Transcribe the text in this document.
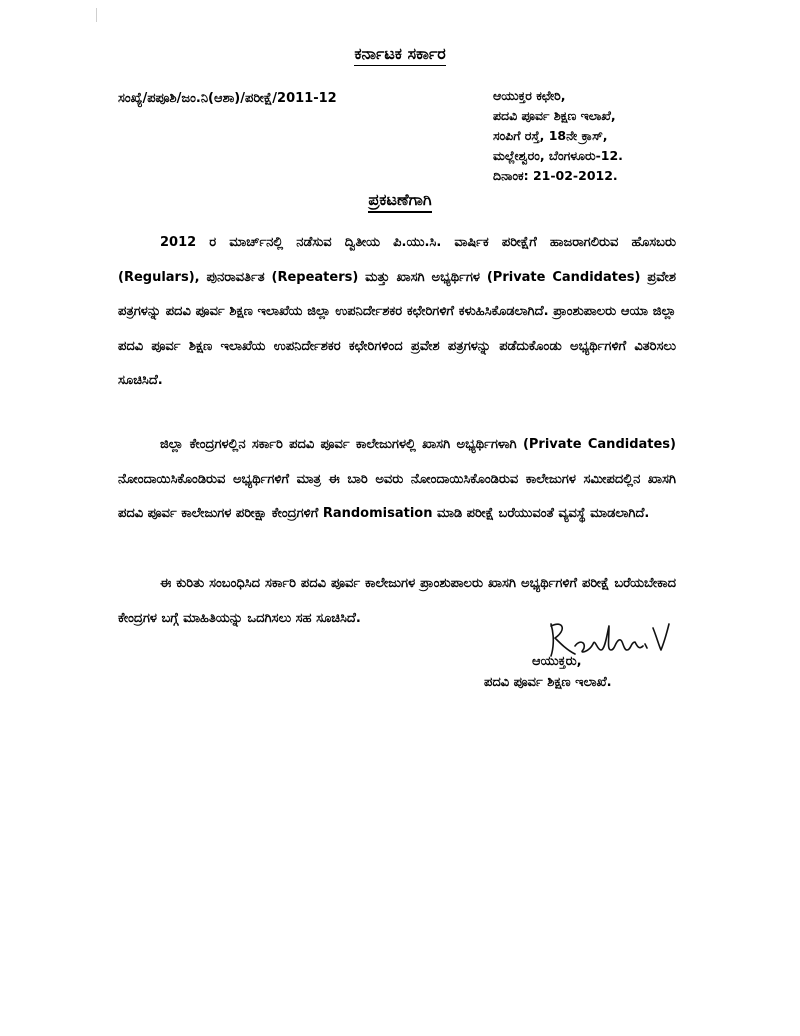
ಕರ್ನಾಟಕ ಸರ್ಕಾರ
ಸಂಖ್ಯೆ/ಪಪೂಶಿ/ಜಂ.ನಿ(ಆಶಾ)/ಪರೀಕ್ಷೆ/2011-12	ಆಯುಕ್ತರ ಕಛೇರಿ,
ಪದವಿ ಪೂರ್ವ ಶಿಕ್ಷಣ ಇಲಾಖೆ,
ಸಂಪಿಗೆ ರಸ್ತೆ, 18ನೇ ಕ್ರಾಸ್,
ಮಲ್ಲೇಶ್ವರಂ, ಬೆಂಗಳೂರು-12.
ದಿನಾಂಕ: 21-02-2012.
ಪ್ರಕಟಣೆಗಾಗಿ
2012 ರ ಮಾರ್ಚ್‌ನಲ್ಲಿ ನಡೆಸುವ ದ್ವಿತೀಯ ಪಿ.ಯು.ಸಿ. ವಾರ್ಷಿಕ ಪರೀಕ್ಷೆಗೆ ಹಾಜರಾಗಲಿರುವ ಹೊಸಬರು (Regulars), ಪುನರಾವರ್ತಿತ (Repeaters) ಮತ್ತು ಖಾಸಗಿ ಅಭ್ಯರ್ಥಿಗಳ (Private Candidates) ಪ್ರವೇಶ ಪತ್ರಗಳನ್ನು ಪದವಿ ಪೂರ್ವ ಶಿಕ್ಷಣ ಇಲಾಖೆಯ ಜಿಲ್ಲಾ ಉಪನಿರ್ದೇಶಕರ ಕಛೇರಿಗಳಿಗೆ ಕಳುಹಿಸಿಕೊಡಲಾಗಿದೆ. ಪ್ರಾಂಶುಪಾಲರು ಆಯಾ ಜಿಲ್ಲಾ ಪದವಿ ಪೂರ್ವ ಶಿಕ್ಷಣ ಇಲಾಖೆಯ ಉಪನಿರ್ದೇಶಕರ ಕಛೇರಿಗಳಿಂದ ಪ್ರವೇಶ ಪತ್ರಗಳನ್ನು ಪಡೆದುಕೊಂಡು ಅಭ್ಯರ್ಥಿಗಳಿಗೆ ವಿತರಿಸಲು ಸೂಚಿಸಿದೆ.
ಜಿಲ್ಲಾ ಕೇಂದ್ರಗಳಲ್ಲಿನ ಸರ್ಕಾರಿ ಪದವಿ ಪೂರ್ವ ಕಾಲೇಜುಗಳಲ್ಲಿ ಖಾಸಗಿ ಅಭ್ಯರ್ಥಿಗಳಾಗಿ (Private Candidates) ನೋಂದಾಯಿಸಿಕೊಂಡಿರುವ ಅಭ್ಯರ್ಥಿಗಳಿಗೆ ಮಾತ್ರ ಈ ಬಾರಿ ಅವರು ನೋಂದಾಯಿಸಿಕೊಂಡಿರುವ ಕಾಲೇಜುಗಳ ಸಮೀಪದಲ್ಲಿನ ಖಾಸಗಿ ಪದವಿ ಪೂರ್ವ ಕಾಲೇಜುಗಳ ಪರೀಕ್ಷಾ ಕೇಂದ್ರಗಳಿಗೆ Randomisation ಮಾಡಿ ಪರೀಕ್ಷೆ ಬರೆಯುವಂತೆ ವ್ಯವಸ್ಥೆ ಮಾಡಲಾಗಿದೆ.
ಈ ಕುರಿತು ಸಂಬಂಧಿಸಿದ ಸರ್ಕಾರಿ ಪದವಿ ಪೂರ್ವ ಕಾಲೇಜುಗಳ ಪ್ರಾಂಶುಪಾಲರು ಖಾಸಗಿ ಅಭ್ಯರ್ಥಿಗಳಿಗೆ ಪರೀಕ್ಷೆ ಬರೆಯಬೇಕಾದ ಕೇಂದ್ರಗಳ ಬಗ್ಗೆ ಮಾಹಿತಿಯನ್ನು ಒದಗಿಸಲು ಸಹ ಸೂಚಿಸಿದೆ.
ಆಯುಕ್ತರು,
ಪದವಿ ಪೂರ್ವ ಶಿಕ್ಷಣ ಇಲಾಖೆ.
